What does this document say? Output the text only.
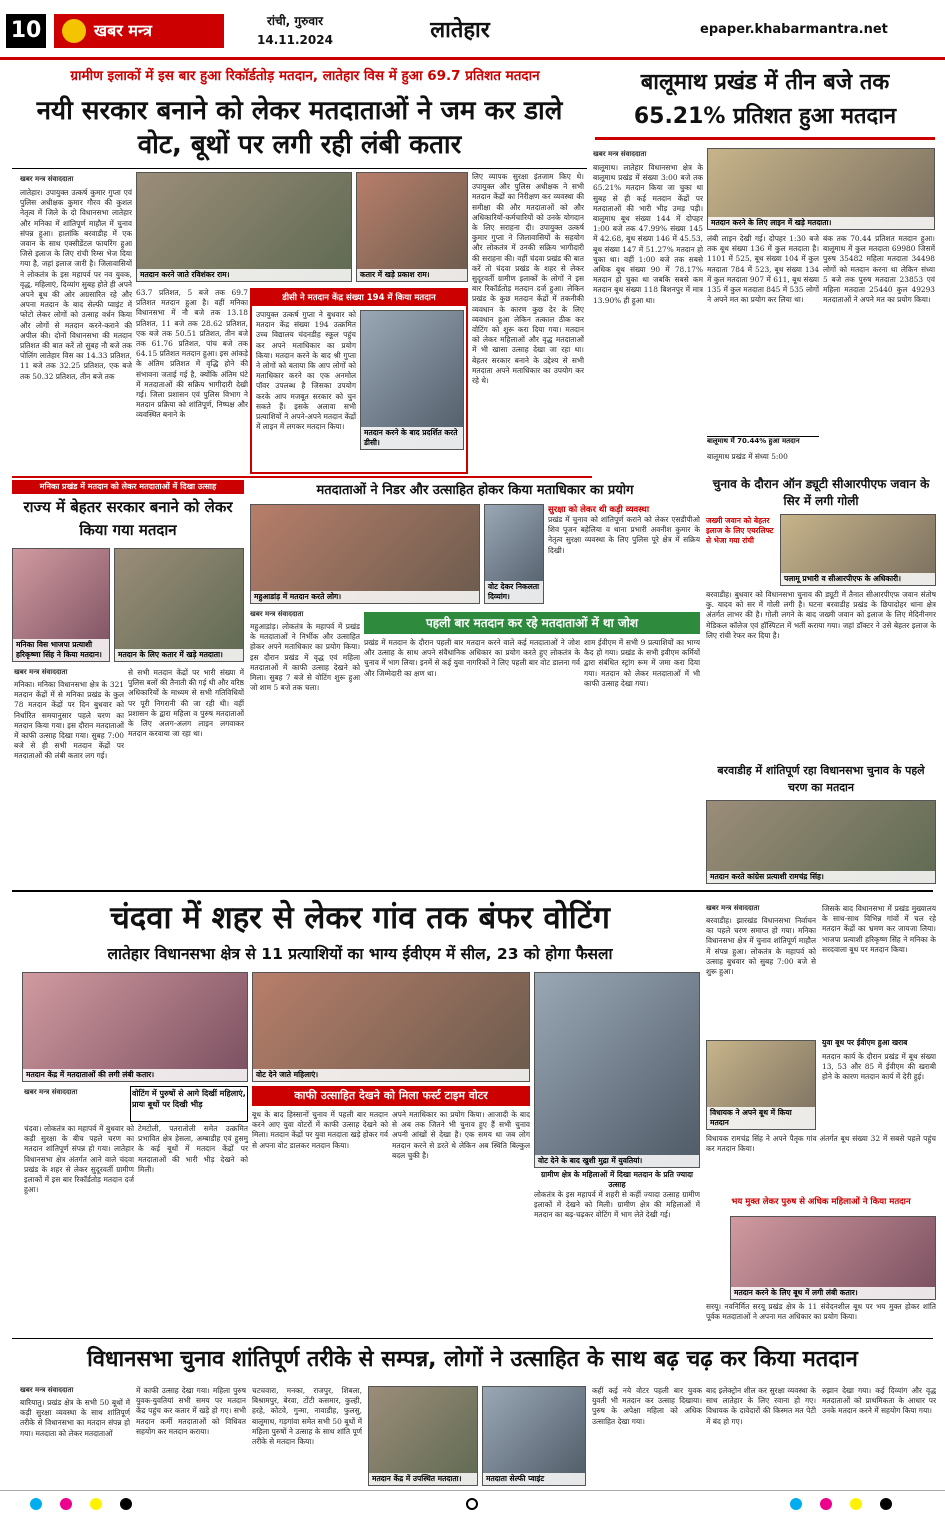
10	खबर मन्त्र	रांची, गुरुवार
14.11.2024	लातेहार	epaper.khabarmantra.net
ग्रामीण इलाकों में इस बार हुआ रिकॉर्डतोड़ मतदान, लातेहार विस में हुआ 69.7 प्रतिशत मतदान
नयी सरकार बनाने को लेकर मतदाताओं ने जम कर डाले वोट, बूथों पर लगी रही लंबी कतार
खबर मन्त्र संवाददाता
लातेहार। उपायुक्त उत्कर्ष कुमार गुप्ता एवं पुलिस अधीक्षक कुमार गौरव की कुशल नेतृत्व में जिले के दो विधानसभा लातेहार और मनिका में शांतिपूर्ण माहौल में चुनाव संपन्न हुआ। हालांकि बरवाडीह में एक जवान के साथ एक्सीडेंटल फायरिंग हुआ जिसे इलाज के लिए रांची रिम्स भेज दिया गया है, जहां इलाज जारी है। जिलावासियों ने लोकतंत्र के इस महापर्व पर नव युवक, वृद्ध, महिलाएं, दिव्यांग सुबह होते ही अपने अपने बूथ की ओर अग्रसारित रहे और अपना मतदान के बाद सेल्फी प्वाइंट में फोटो लेकर लोगों को उत्साह वर्धन किया और लोगों से मतदान करने-कराने की अपील की। दोनों विधानसभा की मतदान प्रतिशत की बात करें तो सुबह नौ बजे तक पोलिंग लातेहार विस का 14.33 प्रतिशत, 11 बजे तक 32.25 प्रतिशत, एक बजे तक 50.32 प्रतिशत, तीन बजे तक
मतदान करने जाते रविशंकर राम।	कतार में खड़े प्रकाश राम।
63.7 प्रतिशत, 5 बजे तक 69.7 प्रतिशत मतदान हुआ है। वहीं मनिका विधानसभा में नौ बजे तक 13.18 प्रतिशत, 11 बजे तक 28.62 प्रतिशत, एक बजे तक 50.51 प्रतिशत, तीन बजे तक 61.76 प्रतिशत, पांच बजे तक 64.15 प्रतिशत मतदान हुआ। इस आंकड़े के अंतिम प्रतिशत में वृद्धि होने की संभावना जताई गई है, क्योंकि अंतिम घंटे में मतदाताओं की सक्रिय भागीदारी देखी गई। जिला प्रशासन एवं पुलिस विभाग ने मतदान प्रक्रिया को शांतिपूर्ण, निष्पक्ष और व्यवस्थित बनाने के
डीसी ने मतदान केंद्र संख्या 194 में किया मतदान
उपायुक्त उत्कर्ष गुप्ता ने बुधवार को मतदान केंद्र संख्या 194 उत्क्रमित उच्च विद्यालय चंदनडीह स्कूल पहुंच कर अपने मताधिकार का प्रयोग किया। मतदान करने के बाद श्री गुप्ता ने लोगों को बताया कि आप लोगों को मताधिकार करने का एक अनमोल पॉवर उपलब्ध है जिसका उपयोग करके आप मजबूत सरकार को चुन सकते हैं। इसके अलावा सभी प्रत्याशियों ने अपने-अपने मतदान केंद्रों में लाइन में लगकर मतदान किया।
मतदान करने के बाद प्रदर्शित करते डीसी।
लिए व्यापक सुरक्षा इंतजाम किए थे। उपायुक्त और पुलिस अधीक्षक ने सभी मतदान केंद्रों का निरीक्षण कर व्यवस्था की समीक्षा की और मतदाताओं को और अधिकारियों-कर्मचारियों को उनके योगदान के लिए सराहना दी। उपायुक्त उत्कर्ष कुमार गुप्ता ने जिलावासियों के सहयोग और लोकतंत्र में उनकी सक्रिय भागीदारी की सराहना की। वहीं चंदवा प्रखंड की बात करें तो चंदवा प्रखंड के शहर से लेकर सुदूरवर्ती ग्रामीण इलाकों के लोगों ने इस बार रिकॉर्डतोड़ मतदान दर्ज हुआ। लेकिन प्रखंड के कुछ मतदान केंद्रों में तकनीकी व्यवधान के कारण कुछ देर के लिए व्यवधान हुआ लेकिन तत्काल ठीक कर वोटिंग को शुरू करा दिया गया। मतदान को लेकर महिलाओं और वृद्ध मतदाताओं में भी खासा उत्साह देखा जा रहा था। बेहतर सरकार बनाने के उद्देश्य से सभी मतदाता अपने मताधिकार का उपयोग कर रहे थे।
बालूमाथ प्रखंड में तीन बजे तक 65.21% प्रतिशत हुआ मतदान
खबर मन्त्र संवाददाता
बालूमाथ। लातेहार विधानसभा क्षेत्र के बालूमाथ प्रखंड में संख्या 3:00 बजे तक 65.21% मतदान किया जा चुका था सुबह से ही कई मतदान केंद्रों पर मतदाताओं की भारी भीड़ उमड़ पड़ी। बालूमाथ बूथ संख्या 144 में दोपहर 1:00 बजे तक 47.99% संख्या 145 में 42.68, बूथ संख्या 146 में 45.53, बूथ संख्या 147 में 51.27% मतदान हो चुका था। वहीं 1:00 बजे तक सबसे अधिक बूथ संख्या 90 में 78.17% मतदान हो चुका था जबकि सबसे कम मतदान बूथ संख्या 118 बिशनपुर में मात्र 13.90% ही हुआ था।
मतदान करने के लिए लाइन में खड़े मतदाता।
लंबी लाइन देखी गई। दोपहर 1:30 बजे तक बूथ संख्या 136 में कुल मतदाता है। 1101 में 525, बूथ संख्या 104 में कुल मतदाता 784 में 523, बूथ संख्या 134 में कुल मतदाता 907 में 611, बूथ संख्या 135 में कुल मतदाता 845 में 535 लोगों ने अपने मत का प्रयोग कर लिया था।
बंक तक 70.44 प्रतिशत मतदान हुआ। बालूमाथ में कुल मतदाता 69980 जिसमें पुरुष 35482 महिला मतदाता 34498 लोगों को मतदान करना था लेकिन संध्या 5 बजे तक पुरुष मतदाता 23853 एवं महिला मतदाता 25440 कुल 49293 मतदाताओं ने अपने मत का प्रयोग किया।
बालूमाथ में 70.44% हुआ मतदान
बालूमाथ प्रखंड में संध्या 5:00
मनिका प्रखंड में मतदान को लेकर मतदाताओं में दिखा उत्साह
राज्य में बेहतर सरकार बनाने को लेकर किया गया मतदान
मनिका विस भाजपा प्रत्याशी हरिकृष्णा सिंह ने किया मतदान।	मतदान के लिए कतार में खड़े मतदाता।
खबर मन्त्र संवाददाता
मनिका। मनिका विधानसभा क्षेत्र के 321 मतदान केंद्रों में से मनिका प्रखंड के कुल 78 मतदान केंद्रों पर दिन बुधवार को निर्धारित समयानुसार पहले चरण का मतदान किया गया। इस दौरान मतदाताओं में काफी उत्साह दिखा गया। सुबह 7:00 बजे से ही सभी मतदान केंद्रों पर मतदाताओं की लंबी कतार लग गई।
से सभी मतदान केंद्रों पर भारी संख्या में पुलिस बलों की तैनाती की गई थी और वरिष्ठ अधिकारियों के माध्यम से सभी गतिविधियों पर पूरी निगरानी की जा रही थी। वहीं प्रशासन के द्वारा महिला व पुरुष मतदाताओं के लिए अलग-अलग लाइन लगवाकर मतदान करवाया जा रहा था।
मतदाताओं ने निडर और उत्साहित होकर किया मताधिकार का प्रयोग
महुआडांड़ में मतदान करते लोग।
वोट देकर निकलता दिव्यांग।
सुरक्षा को लेकर थी कड़ी व्यवस्था
प्रखंड में चुनाव को शांतिपूर्ण कराने को लेकर एसडीपीओ शिव पूजन बहेलिया व थाना प्रभारी अवनीश कुमार के नेतृत्व सुरक्षा व्यवस्था के लिए पुलिस पूरे क्षेत्र में सक्रिय दिखी।
खबर मन्त्र संवाददाता
महुआडांड़। लोकतंत्र के महापर्व में प्रखंड के मतदाताओं ने निर्भीक और उत्साहित होकर अपने मताधिकार का प्रयोग किया। इस दौरान प्रखंड में वृद्ध एवं महिला मतदाताओं में काफी उत्साह देखने को मिला। सुबह 7 बजे से वोटिंग शुरू हुआ जो शाम 5 बजे तक चला।
पहली बार मतदान कर रहे मतदाताओं में था जोश
प्रखंड में मतदान के दौरान पहली बार मतदान करने वाले कई मतदाताओं ने जोश और उत्साह के साथ अपने संवैधानिक अधिकार का प्रयोग करते हुए लोकतंत्र के चुनाव में भाग लिया। इनमें से कई युवा नागरिकों ने लिए पहली बार वोट डालना गर्व और जिम्मेदारी का क्षण था।
शाम ईवीएम में सभी 9 प्रत्याशियों का भाग्य कैद हो गया। प्रखंड के सभी इवीएम कर्मियों द्वारा संबंधित स्ट्रांग रूम में जमा करा दिया गया। मतदान को लेकर मतदाताओं में भी काफी उत्साह देखा गया।
चुनाव के दौरान ऑन ड्यूटी सीआरपीएफ जवान के सिर में लगी गोली
जख्मी जवान को बेहतर इलाज के लिए एयरलिफ्ट से भेजा गया रांची
पलामू प्रभारी व सीआरपीएफ के अधिकारी।
बरवाडीह। बुधवार को विधानसभा चुनाव की ड्यूटी में तैनात सीआरपीएफ जवान संतोष कु. यादव को सर में गोली लगी है। घटना बरवाडीह प्रखंड के छिपादोहर थाना क्षेत्र अंतर्गत लाभर की है। गोली लगने के बाद जख्मी जवान को इलाज के लिए मेदिनीनगर मेडिकल कॉलेज एवं हॉस्पिटल में भर्ती कराया गया। जहां डॉक्टर ने उसे बेहतर इलाज के लिए रांची रेफर कर दिया है।
बरवाडीह में शांतिपूर्ण रहा विधानसभा चुनाव के पहले चरण का मतदान
मतदान करते कांग्रेस प्रत्याशी रामचंद्र सिंह।
चंदवा में शहर से लेकर गांव तक बंफर वोटिंग
लातेहार विधानसभा क्षेत्र से 11 प्रत्याशियों का भाग्य ईवीएम में सील, 23 को होगा फैसला
मतदान केंद्र में मतदाताओं की लगी लंबी कतार।	वोट देने जाते महिलाएं।
वोट देने के बाद खुशी मुद्रा में युवतियां।
ग्रामीण क्षेत्र के महिलाओं में दिखा मतदान के प्रति ज्यादा उत्साह
खबर मन्त्र संवाददाता	वोटिंग में पुरुषों से आगे दिखीं महिलाएं, प्रायः बूथों पर दिखी भीड़
चंदवा। लोकतंत्र का महापर्व में बुधवार को कड़ी सुरक्षा के बीच पहले चरण का मतदान शांतिपूर्ण संपन्न हो गया। लातेहार विधानसभा क्षेत्र अंतर्गत आने वाले चंदवा प्रखंड के शहर से लेकर सुदूरवर्ती ग्रामीण इलाकों में इस बार रिकॉर्डतोड़ मतदान दर्ज हुआ।
टेमटोली, पतरातोली समेत उत्क्रमित प्रभावित क्षेत्र हेसला, अम्बाडीह एवं हुसमु के कई बूथों में मतदान केंद्रों पर मतदाताओं की भारी भीड़ देखने को मिली।
काफी उत्साहित देखने को मिला फर्स्ट टाइम वोटर
बूथ के बाद हिस्सानों चुनाव में पहली बार मतदान करने आए युवा वोटरों में काफी उत्साह देखने को मिला। मतदान केंद्रों पर युवा मतदाता खड़े होकर गर्व से अपना वोट डालकर मतदान किया।
अपने मताधिकार का प्रयोग किया। आजादी के बाद से अब तक जितने भी चुनाव हुए हैं सभी चुनाव अपनी आंखों से देखा है। एक समय था जब लोग मतदान करने से डरते थे लेकिन अब स्थिति बिल्कुल बदल चुकी है।
लोकतंत्र के इस महापर्व में शहरी से कहीं ज्यादा उत्साह ग्रामीण इलाकों में देखने को मिली। ग्रामीण क्षेत्र की महिलाओं में मतदान का बढ़-चढ़कर वोटिंग में भाग लेते देखी गई।
खबर मन्त्र संवाददाता
बरवाडीह। झारखंड विधानसभा निर्वाचन का पहले चरण समाप्त हो गया। मनिका विधानसभा क्षेत्र में चुनाव शांतिपूर्ण माहौल में संपन्न हुआ। लोकतंत्र के महापर्व को उत्साह बुधवार को सुबह 7:00 बजे से शुरू हुआ।
जिसके बाद विधानसभा में प्रखंड मुख्यालय के साथ-साथ विभिन्न गांवों में चल रहे मतदान केंद्रों का भ्रमण कर जायजा लिया। भाजपा प्रत्याशी हरिकृष्ण सिंह ने मनिका के सरदवाला बूथ पर मतदान किया।
युवा बूथ पर ईवीएम हुआ खराब
मतदान कार्य के दौरान प्रखंड में बूथ संख्या 13, 53 और 85 में ईवीएम की खराबी होने के कारण मतदान कार्य में देरी हुई।
विधायक ने अपने बूथ में किया मतदान
विधायक रामचंद्र सिंह ने अपने पैतृक गांव अंतर्गत बूथ संख्या 32 में सबसे पहले पहुंच कर मतदान किया।
भय मुक्त लेकर पुरुष से अधिक महिलाओं ने किया मतदान
मतदान करने के लिए बूथ में लगी लंबी कतार।
सरयू। नवनिर्मित सरयू प्रखंड क्षेत्र के 11 संवेदनशील बूथ पर भय मुक्त होकर शांति पूर्वक मतदाताओं ने अपना मत अधिकार का प्रयोग किया।
विधानसभा चुनाव शांतिपूर्ण तरीके से सम्पन्न, लोगों ने उत्साहित के साथ बढ़ चढ़ कर किया मतदान
खबर मन्त्र संवाददाता
बारियातु। प्रखंड क्षेत्र के सभी 50 बूथों में कड़ी सुरक्षा व्यवस्था के साथ शांतिपूर्ण तरीके से विधानसभा का मतदान संपन्न हो गया। मतदाता को लेकर मतदाताओं
में काफी उत्साह देखा गया। महिला पुरुष युवक-युवतियां सभी समय पर मतदान केंद्र पहुंच कर कतार में खड़े हो गए। सभी मतदान कर्मी मतदाताओं को विधिवत सहयोग कर मतदान कराया।
चटचवारा, मनका, राजपुर, शिबला, बिश्रामपुर, बेरवा, टोंटी कसमार, कुल्ही, हरहे, कोटवे, गुन्मा, नावाडीह, फुलसु, बालूमाथ, गड़गांवा समेत सभी 50 बूथों में महिला पुरुषों ने उत्साह के साथ शांति पूर्ण तरीके से मतदान किया।
मतदान केंद्र में उपस्थित मतदाता।	मतदाता सेल्फी प्वाइंट
कहीं कई नये वोटर पहली बार युवक युवती भी मतदान कर उत्साह दिखाया। पुरुष के अपेक्षा महिला को अधिक उत्साहित देखा गया।
बाद इलेक्ट्रोन शील कर सुरक्षा व्यवस्था के साथ लातेहार के लिए रवाना हो गए। विधायक के दावेदारों की किस्मत मत पेटी में बंद हो गए।
रुझान देखा गया। कई दिव्यांग और वृद्ध मतदाताओं को प्राथमिकता के आधार पर उनके मतदान करने में सहयोग किया गया।
